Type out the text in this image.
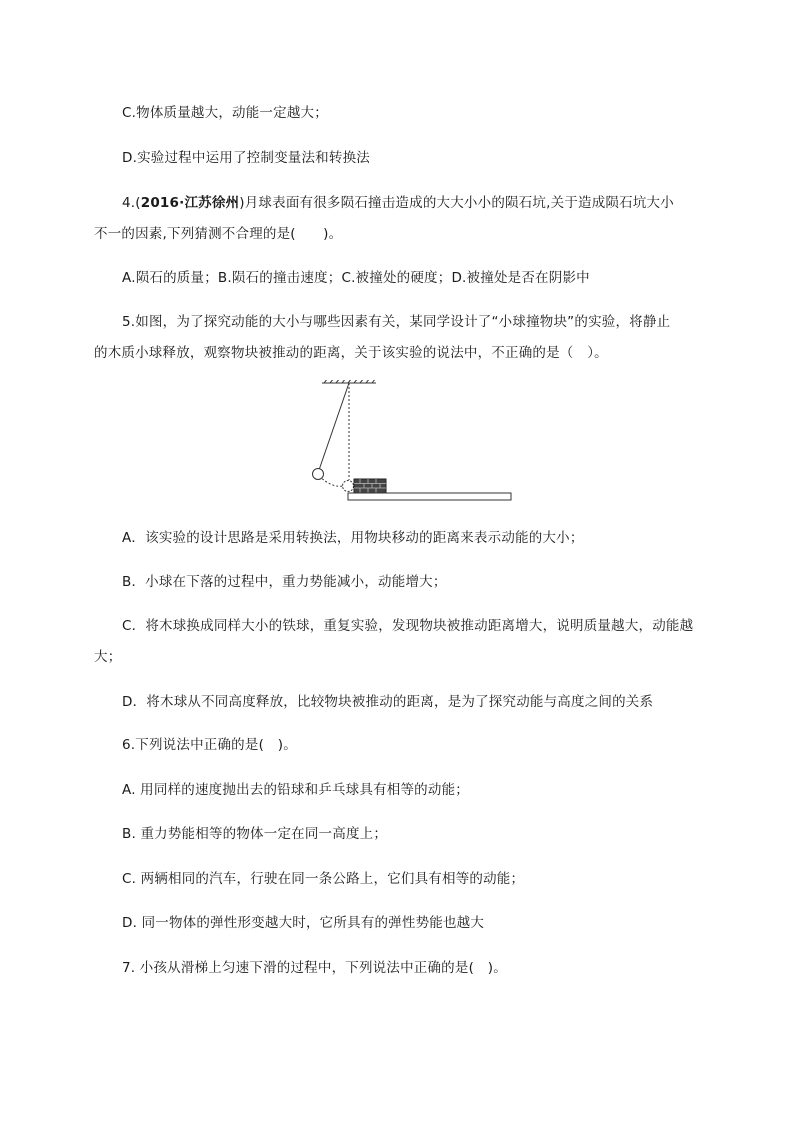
C.物体质量越大，动能一定越大；
D.实验过程中运用了控制变量法和转换法
4.(2016·江苏徐州)月球表面有很多陨石撞击造成的大大小小的陨石坑,关于造成陨石坑大小
不一的因素,下列猜测不合理的是(　　)。
A.陨石的质量；B.陨石的撞击速度；C.被撞处的硬度；D.被撞处是否在阴影中
5.如图，为了探究动能的大小与哪些因素有关，某同学设计了“小球撞物块”的实验，将静止
的木质小球释放，观察物块被推动的距离，关于该实验的说法中，不正确的是（　）。
A．该实验的设计思路是采用转换法，用物块移动的距离来表示动能的大小；
B．小球在下落的过程中，重力势能减小，动能增大；
C．将木球换成同样大小的铁球，重复实验，发现物块被推动距离增大，说明质量越大，动能越
大；
D．将木球从不同高度释放，比较物块被推动的距离，是为了探究动能与高度之间的关系
6.下列说法中正确的是(　)。
A. 用同样的速度抛出去的铅球和乒乓球具有相等的动能；
B. 重力势能相等的物体一定在同一高度上；
C. 两辆相同的汽车，行驶在同一条公路上，它们具有相等的动能；
D. 同一物体的弹性形变越大时，它所具有的弹性势能也越大
7. 小孩从滑梯上匀速下滑的过程中，下列说法中正确的是(　)。
